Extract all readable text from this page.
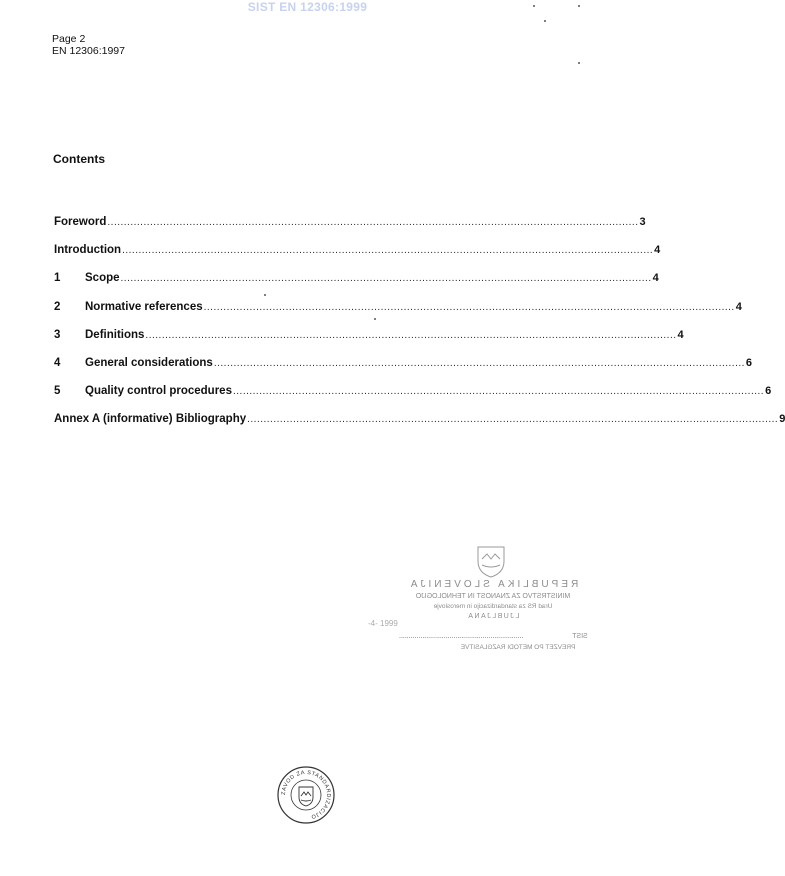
SIST EN 12306:1999
Page 2
EN 12306:1997
Contents
Foreword .................................................................................................................................................................. 3
Introduction .................................................................................................................................................................. 4
1	Scope .................................................................................................................................................................. 4
2	Normative references .................................................................................................................................................................. 4
3	Definitions .................................................................................................................................................................. 4
4	General considerations .................................................................................................................................................................. 6
5	Quality control procedures .................................................................................................................................................................. 6
Annex A (informative) Bibliography .................................................................................................................................................................. 9
REPUBLIKA SLOVENIJA
MINISTRSTVO ZA ZNANOST IN TEHNOLOGIJO
Urad RS za standardizacijo in meroslovje
LJUBLJANA
-4- 1999
................................................................	SIST
PREVZET PO METODI RAZGLASITVE
ZAVOD ZA STANDARDIZACIJO
